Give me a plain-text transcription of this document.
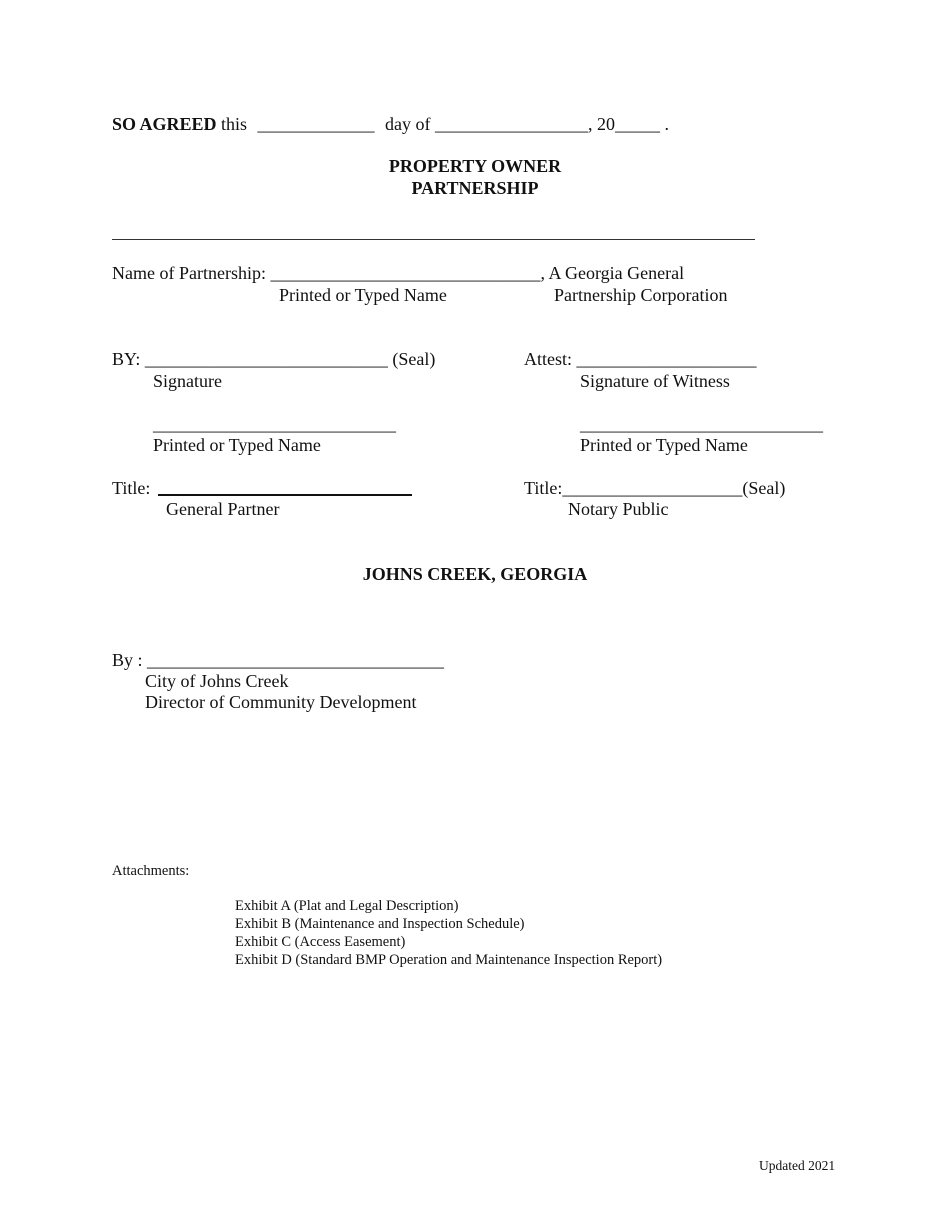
SO AGREED this _____________ day of _________________, 20_____ .
PROPERTY OWNER
PARTNERSHIP
Name of Partnership: ______________________________, A Georgia General
Printed or Typed Name	Partnership Corporation
BY: ___________________________ (Seal)
Signature
Attest: ____________________
Signature of Witness
___________________________
Printed or Typed Name
___________________________
Printed or Typed Name
Title:
General Partner
Title:____________________(Seal)
Notary Public
JOHNS CREEK, GEORGIA
By : _________________________________
City of Johns Creek
Director of Community Development
Attachments:
Exhibit A (Plat and Legal Description)
Exhibit B (Maintenance and Inspection Schedule)
Exhibit C (Access Easement)
Exhibit D (Standard BMP Operation and Maintenance Inspection Report)
Updated 2021
